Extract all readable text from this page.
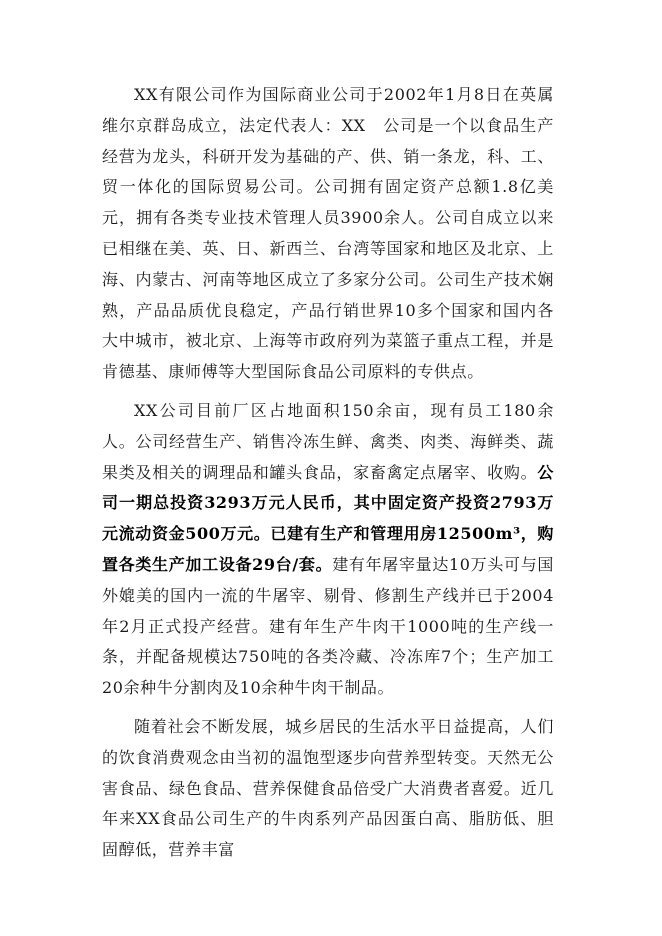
XX有限公司作为国际商业公司于2002年1月8日在英属维尔京群岛成立，法定代表人：XX　公司是一个以食品生产经营为龙头，科研开发为基础的产、供、销一条龙，科、工、贸一体化的国际贸易公司。公司拥有固定资产总额1.8亿美元，拥有各类专业技术管理人员3900余人。公司自成立以来已相继在美、英、日、新西兰、台湾等国家和地区及北京、上海、内蒙古、河南等地区成立了多家分公司。公司生产技术娴熟，产品品质优良稳定，产品行销世界10多个国家和国内各大中城市，被北京、上海等市政府列为菜篮子重点工程，并是肯德基、康师傅等大型国际食品公司原料的专供点。

XX公司目前厂区占地面积150余亩，现有员工180余人。公司经营生产、销售冷冻生鲜、禽类、肉类、海鲜类、蔬果类及相关的调理品和罐头食品，家畜禽定点屠宰、收购。公司一期总投资3293万元人民币，其中固定资产投资2793万元流动资金500万元。已建有生产和管理用房12500m³，购置各类生产加工设备29台/套。建有年屠宰量达10万头可与国外媲美的国内一流的牛屠宰、剔骨、修割生产线并已于2004年2月正式投产经营。建有年生产牛肉干1000吨的生产线一条，并配备规模达750吨的各类冷藏、冷冻库7个；生产加工20余种牛分割肉及10余种牛肉干制品。

随着社会不断发展，城乡居民的生活水平日益提高，人们的饮食消费观念由当初的温饱型逐步向营养型转变。天然无公害食品、绿色食品、营养保健食品倍受广大消费者喜爱。近几年来XX食品公司生产的牛肉系列产品因蛋白高、脂肪低、胆固醇低，营养丰富
